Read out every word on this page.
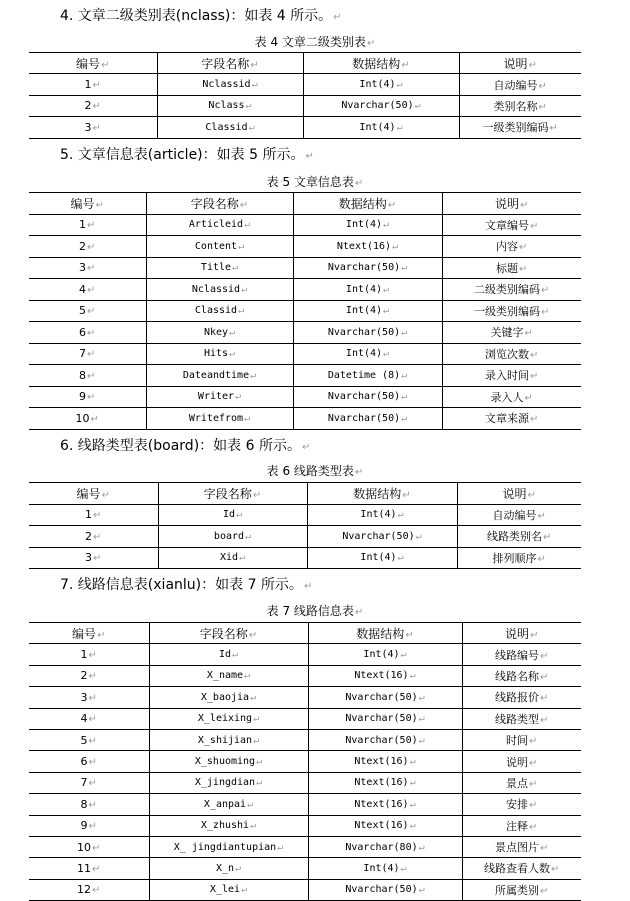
4. 文章二级类别表(nclass)：如表 4 所示。↵
表 4 文章二级类别表↵
编号↵	字段名称↵	数据结构↵	说明↵
1↵	Nclassid↵	Int(4)↵	自动编号↵
2↵	Nclass↵	Nvarchar(50)↵	类别名称↵
3↵	Classid↵	Int(4)↵	一级类别编码↵
5. 文章信息表(article)：如表 5 所示。↵
表 5 文章信息表↵
编号↵	字段名称↵	数据结构↵	说明↵
1↵	Articleid↵	Int(4)↵	文章编号↵
2↵	Content↵	Ntext(16)↵	内容↵
3↵	Title↵	Nvarchar(50)↵	标题↵
4↵	Nclassid↵	Int(4)↵	二级类别编码↵
5↵	Classid↵	Int(4)↵	一级类别编码↵
6↵	Nkey↵	Nvarchar(50)↵	关键字↵
7↵	Hits↵	Int(4)↵	浏览次数↵
8↵	Dateandtime↵	Datetime (8)↵	录入时间↵
9↵	Writer↵	Nvarchar(50)↵	录入人↵
10↵	Writefrom↵	Nvarchar(50)↵	文章来源↵
6. 线路类型表(board)：如表 6 所示。↵
表 6 线路类型表↵
编号↵	字段名称↵	数据结构↵	说明↵
1↵	Id↵	Int(4)↵	自动编号↵
2↵	board↵	Nvarchar(50)↵	线路类别名↵
3↵	Xid↵	Int(4)↵	排列顺序↵
7. 线路信息表(xianlu)：如表 7 所示。↵
表 7 线路信息表↵
编号↵	字段名称↵	数据结构↵	说明↵
1↵	Id↵	Int(4)↵	线路编号↵
2↵	X_name↵	Ntext(16)↵	线路名称↵
3↵	X_baojia↵	Nvarchar(50)↵	线路报价↵
4↵	X_leixing↵	Nvarchar(50)↵	线路类型↵
5↵	X_shijian↵	Nvarchar(50)↵	时间↵
6↵	X_shuoming↵	Ntext(16)↵	说明↵
7↵	X_jingdian↵	Ntext(16)↵	景点↵
8↵	X_anpai↵	Ntext(16)↵	安排↵
9↵	X_zhushi↵	Ntext(16)↵	注释↵
10↵	X_ jingdiantupian↵	Nvarchar(80)↵	景点图片↵
11↵	X_n↵	Int(4)↵	线路查看人数↵
12↵	X_lei↵	Nvarchar(50)↵	所属类别↵
